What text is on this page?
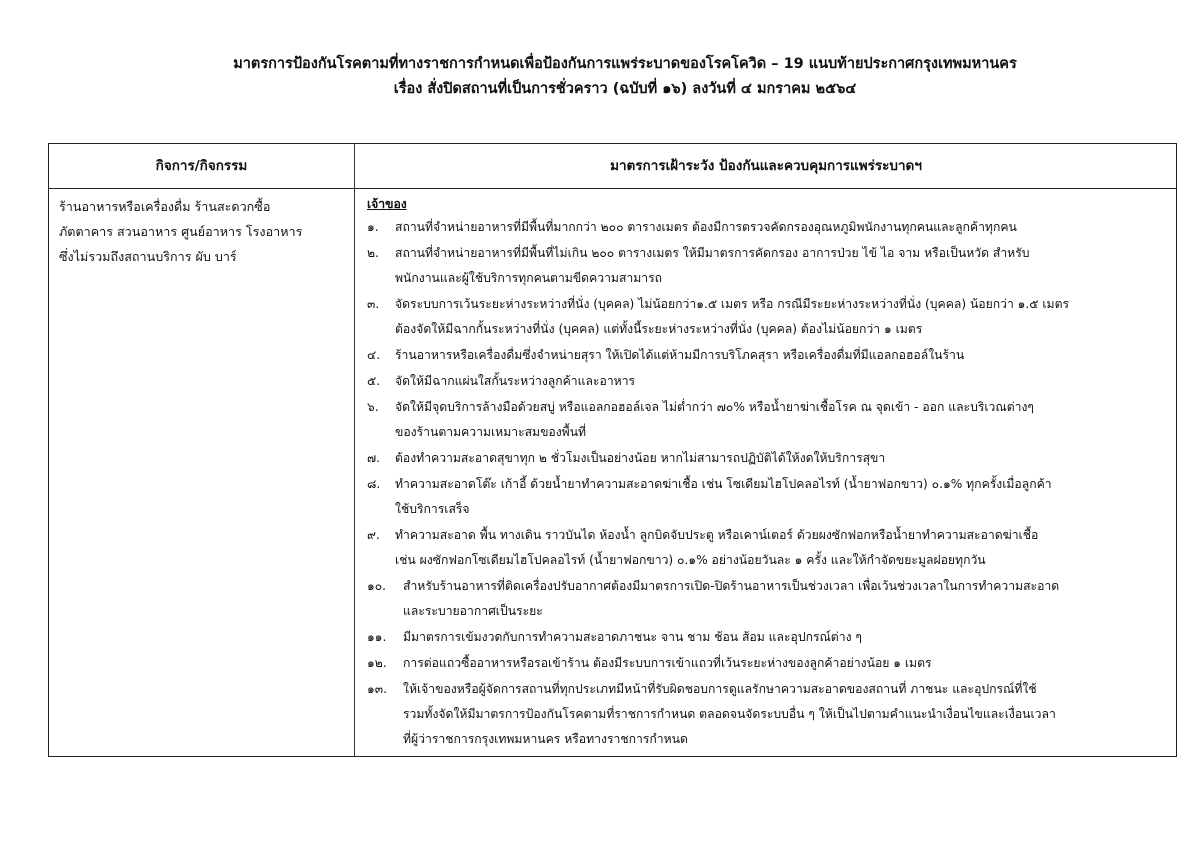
มาตรการป้องกันโรคตามที่ทางราชการกำหนดเพื่อป้องกันการแพร่ระบาดของโรคโควิด – 19 แนบท้ายประกาศกรุงเทพมหานคร
เรื่อง สั่งปิดสถานที่เป็นการชั่วคราว (ฉบับที่ ๑๖) ลงวันที่ ๔ มกราคม ๒๕๖๔
กิจการ/กิจกรรม	มาตรการเฝ้าระวัง ป้องกันและควบคุมการแพร่ระบาดฯ
ร้านอาหารหรือเครื่องดื่ม ร้านสะดวกซื้อ
ภัตตาคาร สวนอาหาร ศูนย์อาหาร โรงอาหาร
ซึ่งไม่รวมถึงสถานบริการ ผับ บาร์
เจ้าของ
๑. สถานที่จำหน่ายอาหารที่มีพื้นที่มากกว่า ๒๐๐ ตารางเมตร ต้องมีการตรวจคัดกรองอุณหภูมิพนักงานทุกคนและลูกค้าทุกคน
๒. สถานที่จำหน่ายอาหารที่มีพื้นที่ไม่เกิน ๒๐๐ ตารางเมตร ให้มีมาตรการคัดกรอง อาการป่วย ไข้ ไอ จาม หรือเป็นหวัด สำหรับ
พนักงานและผู้ใช้บริการทุกคนตามขีดความสามารถ
๓. จัดระบบการเว้นระยะห่างระหว่างที่นั่ง (บุคคล) ไม่น้อยกว่า๑.๕ เมตร หรือ กรณีมีระยะห่างระหว่างที่นั่ง (บุคคล) น้อยกว่า ๑.๕ เมตร
ต้องจัดให้มีฉากกั้นระหว่างที่นั่ง (บุคคล) แต่ทั้งนี้ระยะห่างระหว่างที่นั่ง (บุคคล) ต้องไม่น้อยกว่า ๑ เมตร
๔. ร้านอาหารหรือเครื่องดื่มซึ่งจำหน่ายสุรา ให้เปิดได้แต่ห้ามมีการบริโภคสุรา หรือเครื่องดื่มที่มีแอลกอฮอล์ในร้าน
๕. จัดให้มีฉากแผ่นใสกั้นระหว่างลูกค้าและอาหาร
๖. จัดให้มีจุดบริการล้างมือด้วยสบู่ หรือแอลกอฮอล์เจล ไม่ต่ำกว่า ๗๐% หรือน้ำยาฆ่าเชื้อโรค ณ จุดเข้า - ออก และบริเวณต่างๆ
ของร้านตามความเหมาะสมของพื้นที่
๗. ต้องทำความสะอาดสุขาทุก ๒ ชั่วโมงเป็นอย่างน้อย หากไม่สามารถปฏิบัติได้ให้งดให้บริการสุขา
๘. ทำความสะอาดโต๊ะ เก้าอี้ ด้วยน้ำยาทำความสะอาดฆ่าเชื้อ เช่น โซเดียมไฮโปคลอไรท์ (น้ำยาฟอกขาว) ๐.๑% ทุกครั้งเมื่อลูกค้า
ใช้บริการเสร็จ
๙. ทำความสะอาด พื้น ทางเดิน ราวบันได ห้องน้ำ ลูกบิดจับประตู หรือเคาน์เตอร์ ด้วยผงซักฟอกหรือน้ำยาทำความสะอาดฆ่าเชื้อ
เช่น ผงซักฟอกโซเดียมไฮโปคลอไรท์ (น้ำยาฟอกขาว) ๐.๑% อย่างน้อยวันละ ๑ ครั้ง และให้กำจัดขยะมูลฝอยทุกวัน
๑๐. สำหรับร้านอาหารที่ติดเครื่องปรับอากาศต้องมีมาตรการเปิด-ปิดร้านอาหารเป็นช่วงเวลา เพื่อเว้นช่วงเวลาในการทำความสะอาด
และระบายอากาศเป็นระยะ
๑๑. มีมาตรการเข้มงวดกับการทำความสะอาดภาชนะ จาน ชาม ช้อน ส้อม และอุปกรณ์ต่าง ๆ
๑๒. การต่อแถวซื้ออาหารหรือรอเข้าร้าน ต้องมีระบบการเข้าแถวที่เว้นระยะห่างของลูกค้าอย่างน้อย ๑ เมตร
๑๓. ให้เจ้าของหรือผู้จัดการสถานที่ทุกประเภทมีหน้าที่รับผิดชอบการดูแลรักษาความสะอาดของสถานที่ ภาชนะ และอุปกรณ์ที่ใช้
รวมทั้งจัดให้มีมาตรการป้องกันโรคตามที่ราชการกำหนด ตลอดจนจัดระบบอื่น ๆ ให้เป็นไปตามคำแนะนำเงื่อนไขและเงื่อนเวลา
ที่ผู้ว่าราชการกรุงเทพมหานคร หรือทางราชการกำหนด
